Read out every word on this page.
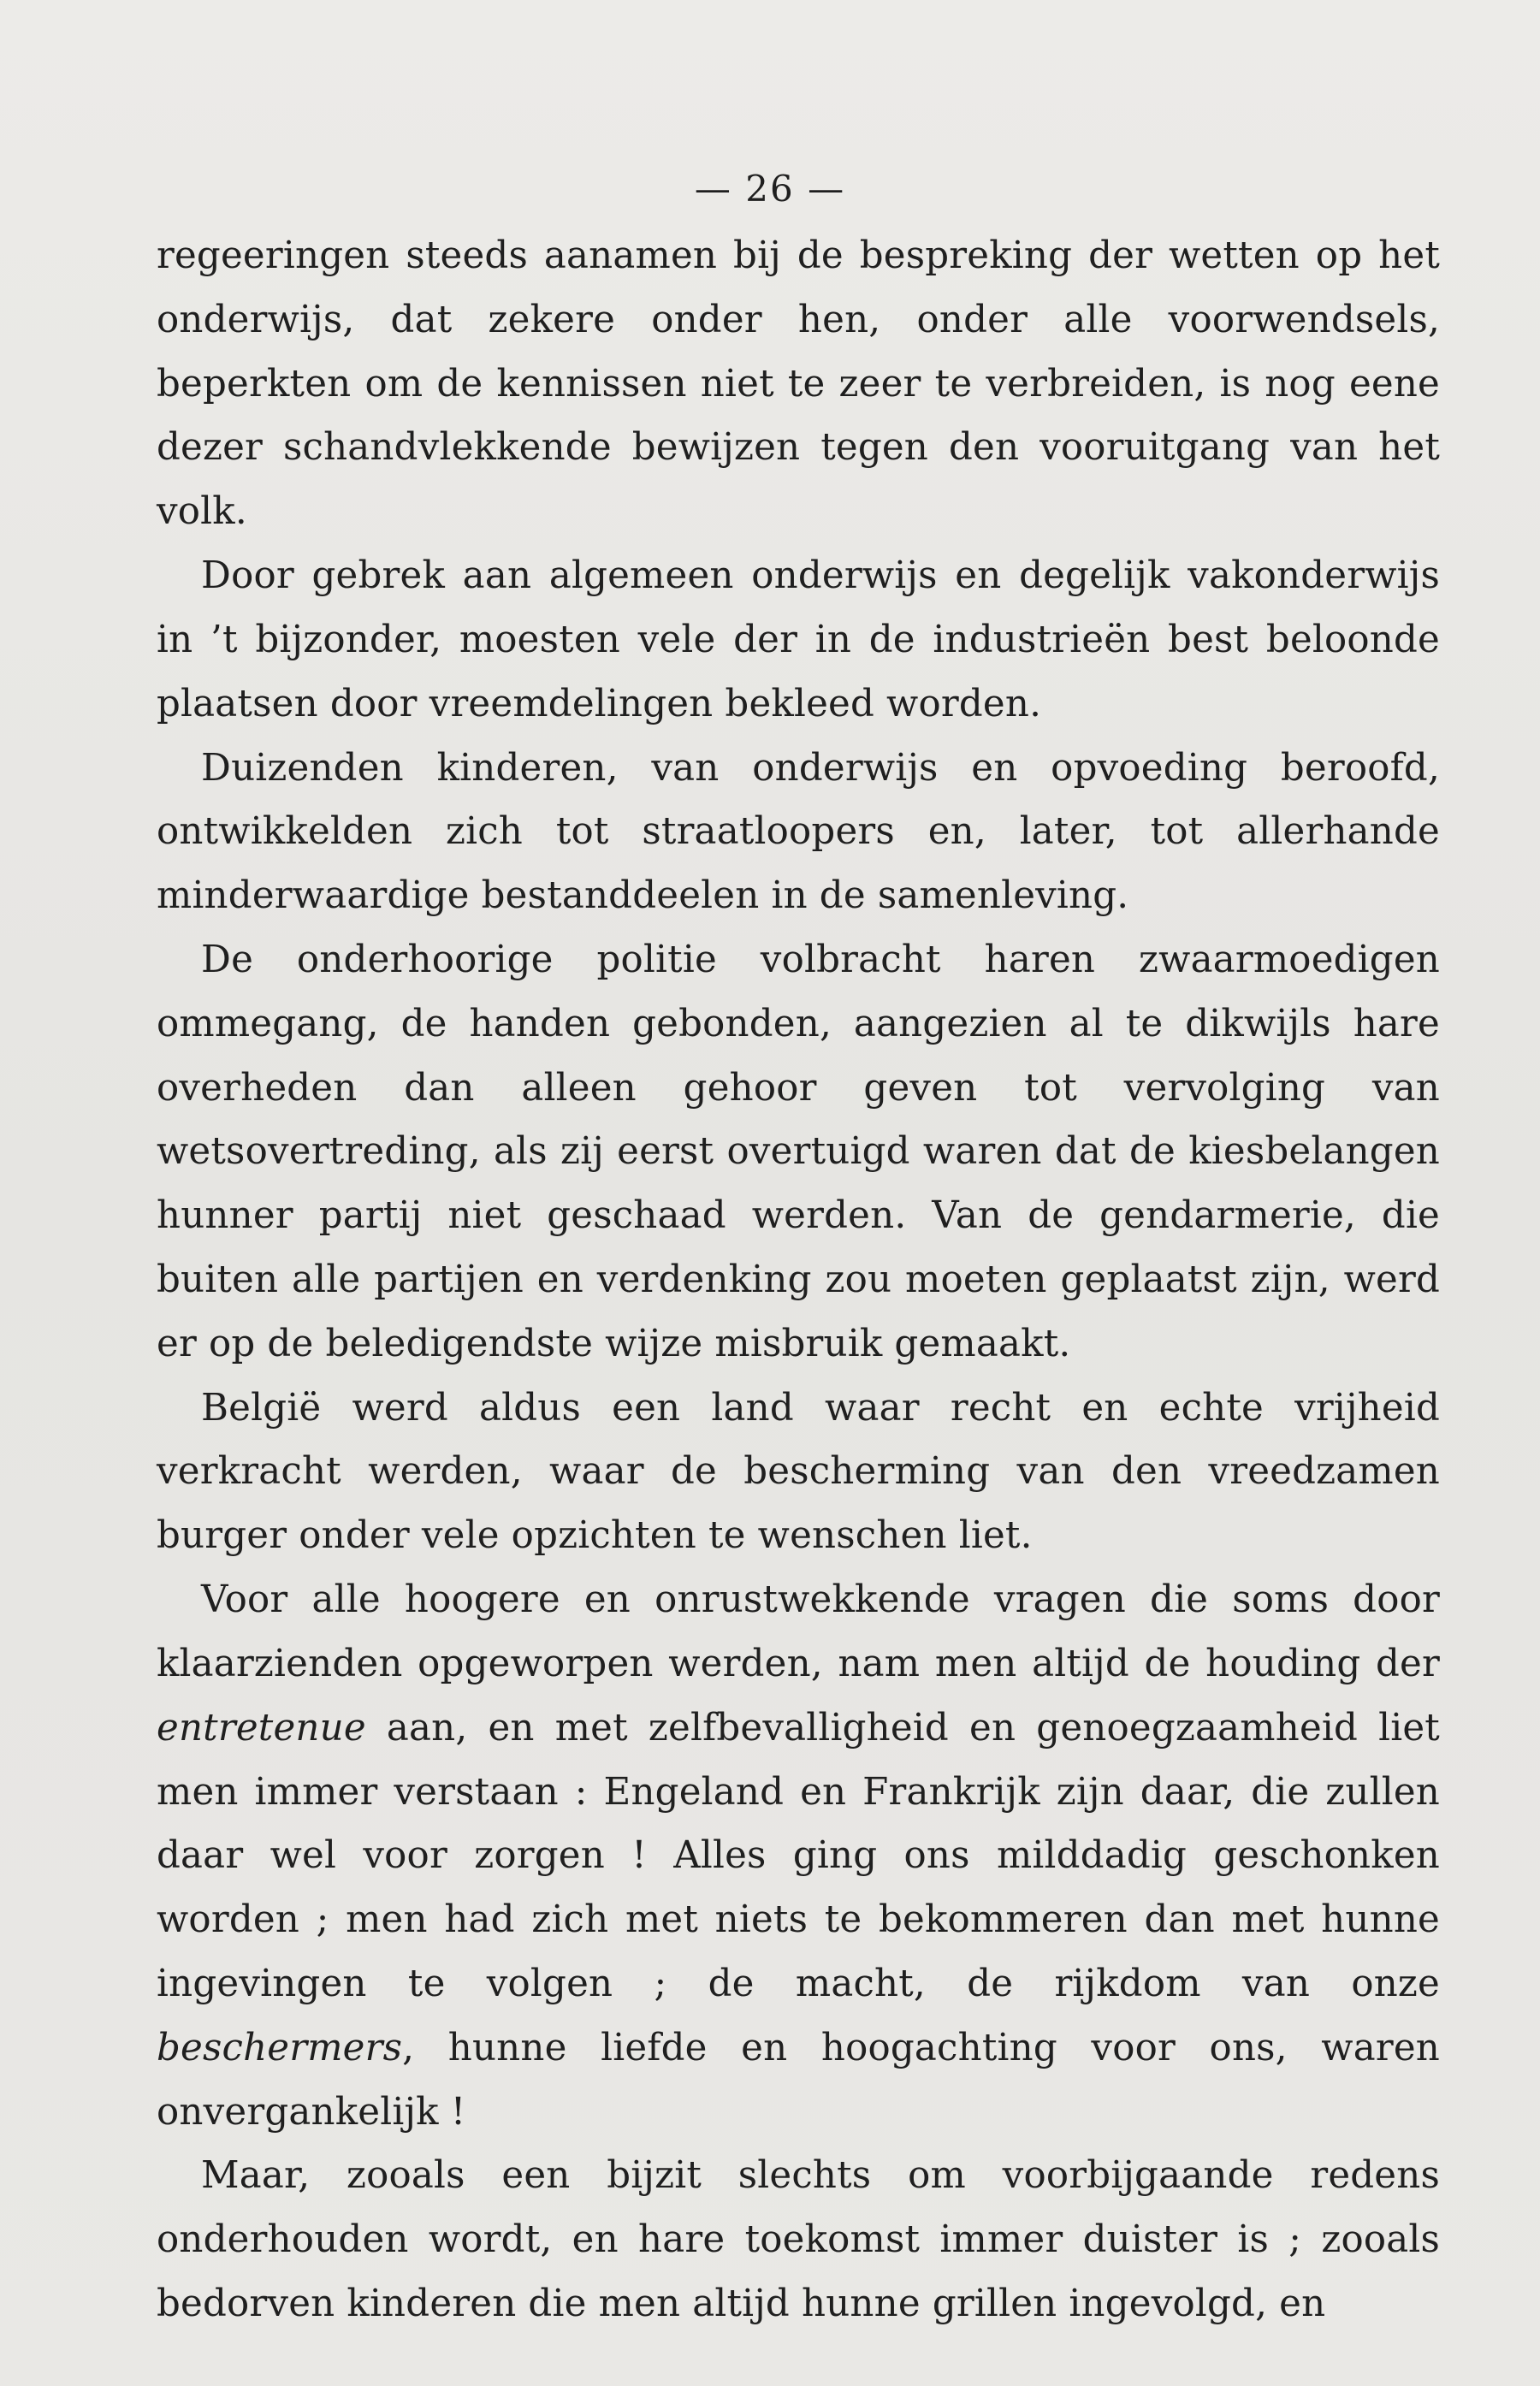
— 26 —

regeeringen steeds aanamen bij de bespreking der wetten op het onderwijs, dat zekere onder hen, onder alle voorwendsels, beperkten om de kennissen niet te zeer te verbreiden, is nog eene dezer schandvlekkende bewijzen tegen den vooruitgang van het volk.

Door gebrek aan algemeen onderwijs en degelijk vakonderwijs in ’t bijzonder, moesten vele der in de industrieën best beloonde plaatsen door vreemdelingen bekleed worden.

Duizenden kinderen, van onderwijs en opvoeding beroofd, ontwikkelden zich tot straatloopers en, later, tot allerhande minderwaardige bestanddeelen in de samenleving.

De onderhoorige politie volbracht haren zwaarmoedigen ommegang, de handen gebonden, aangezien al te dikwijls hare overheden dan alleen gehoor geven tot vervolging van wetsovertreding, als zij eerst overtuigd waren dat de kiesbelangen hunner partij niet geschaad werden. Van de gendarmerie, die buiten alle partijen en verdenking zou moeten geplaatst zijn, werd er op de beledigendste wijze misbruik gemaakt.

België werd aldus een land waar recht en echte vrijheid verkracht werden, waar de bescherming van den vreedzamen burger onder vele opzichten te wenschen liet.

Voor alle hoogere en onrustwekkende vragen die soms door klaarzienden opgeworpen werden, nam men altijd de houding der entretenue aan, en met zelfbevalligheid en genoegzaamheid liet men immer verstaan : Engeland en Frankrijk zijn daar, die zullen daar wel voor zorgen ! Alles ging ons milddadig geschonken worden ; men had zich met niets te bekommeren dan met hunne ingevingen te volgen ; de macht, de rijkdom van onze beschermers, hunne liefde en hoogachting voor ons, waren onvergankelijk !

Maar, zooals een bijzit slechts om voorbijgaande redens onderhouden wordt, en hare toekomst immer duister is ; zooals bedorven kinderen die men altijd hunne grillen ingevolgd, en
